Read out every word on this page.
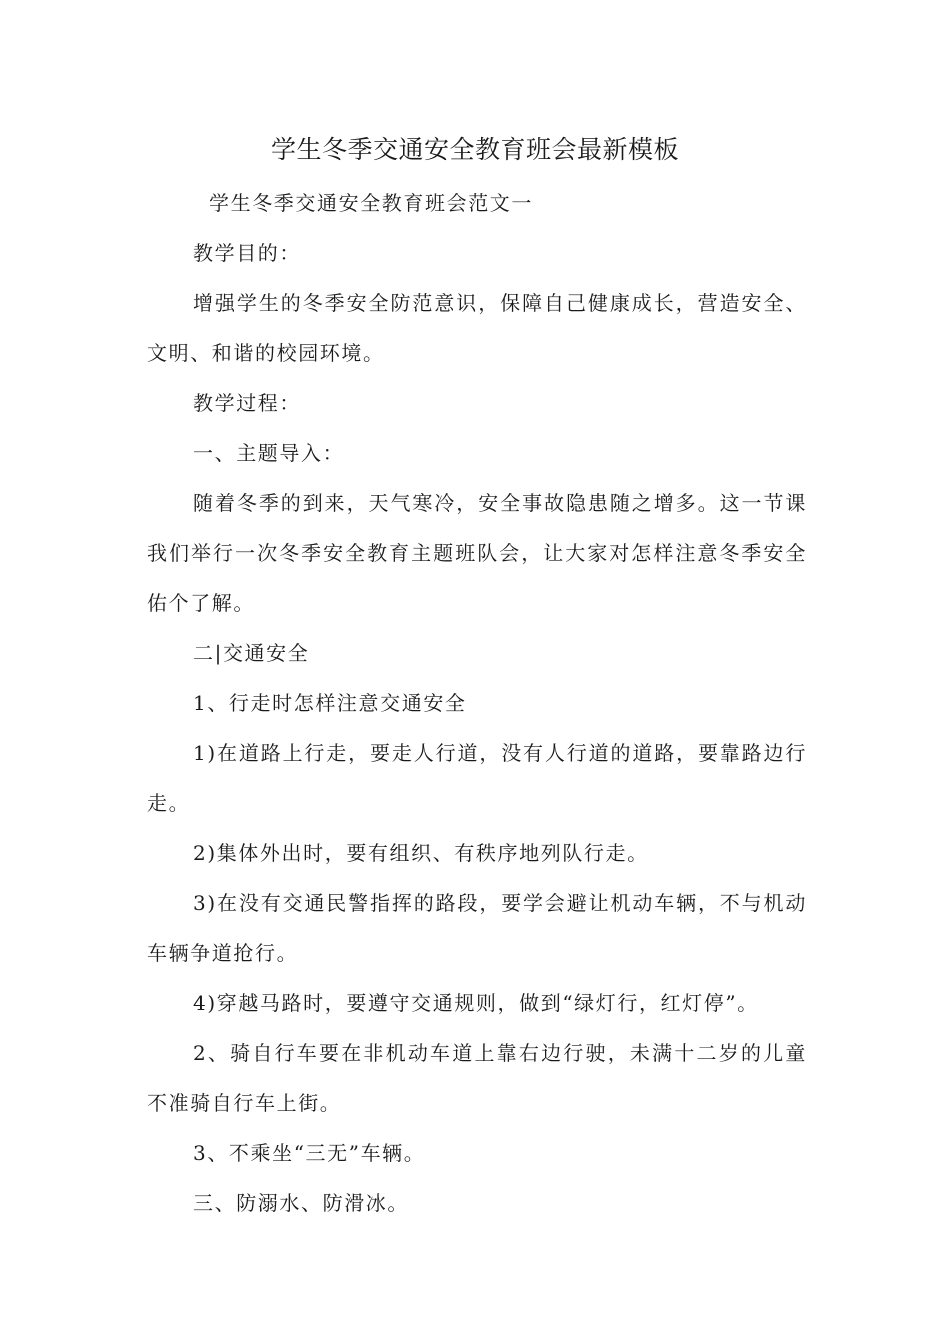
学生冬季交通安全教育班会最新模板

学生冬季交通安全教育班会范文一

教学目的：

增强学生的冬季安全防范意识，保障自己健康成长，营造安全、文明、和谐的校园环境。

教学过程：

一、主题导入：

随着冬季的到来，天气寒冷，安全事故隐患随之增多。这一节课我们举行一次冬季安全教育主题班队会，让大家对怎样注意冬季安全佑个了解。

二|交通安全

1、行走时怎样注意交通安全

1)在道路上行走，要走人行道，没有人行道的道路，要靠路边行走。

2)集体外出时，要有组织、有秩序地列队行走。

3)在没有交通民警指挥的路段，要学会避让机动车辆，不与机动车辆争道抢行。

4)穿越马路时，要遵守交通规则，做到“绿灯行，红灯停”。

2、骑自行车要在非机动车道上靠右边行驶，未满十二岁的儿童不准骑自行车上街。

3、不乘坐“三无”车辆。

三、防溺水、防滑冰。
